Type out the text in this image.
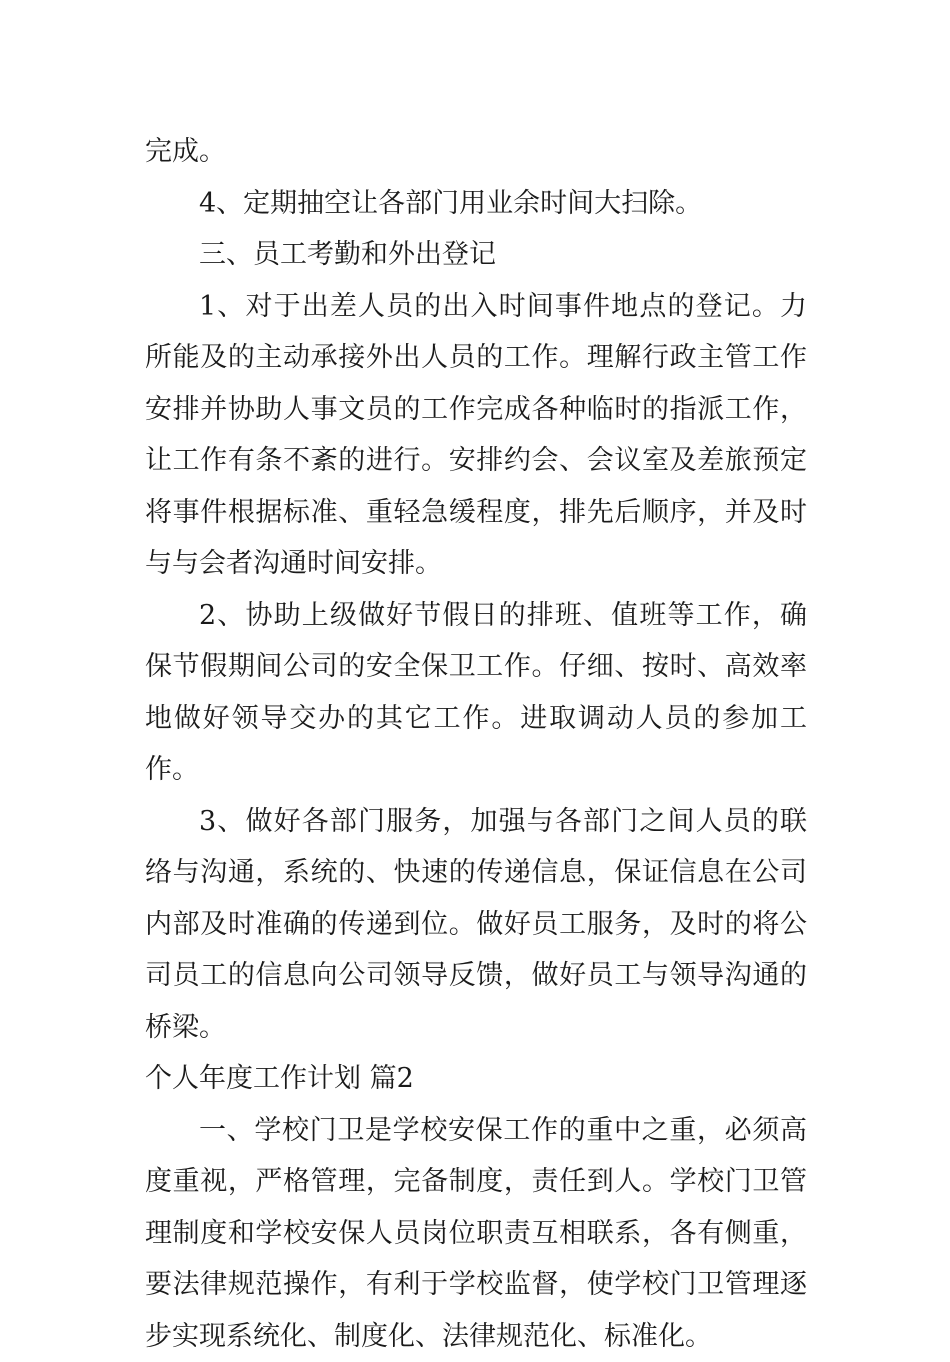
完成。

4、定期抽空让各部门用业余时间大扫除。

三、员工考勤和外出登记

1、对于出差人员的出入时间事件地点的登记。力所能及的主动承接外出人员的工作。理解行政主管工作安排并协助人事文员的工作完成各种临时的指派工作，让工作有条不紊的进行。安排约会、会议室及差旅预定将事件根据标准、重轻急缓程度，排先后顺序，并及时与与会者沟通时间安排。

2、协助上级做好节假日的排班、值班等工作，确保节假期间公司的安全保卫工作。仔细、按时、高效率地做好领导交办的其它工作。进取调动人员的参加工作。

3、做好各部门服务，加强与各部门之间人员的联络与沟通，系统的、快速的传递信息，保证信息在公司内部及时准确的传递到位。做好员工服务，及时的将公司员工的信息向公司领导反馈，做好员工与领导沟通的桥梁。

个人年度工作计划 篇2

一、学校门卫是学校安保工作的重中之重，必须高度重视，严格管理，完备制度，责任到人。学校门卫管理制度和学校安保人员岗位职责互相联系，各有侧重，要法律规范操作，有利于学校监督，使学校门卫管理逐步实现系统化、制度化、法律规范化、标准化。
